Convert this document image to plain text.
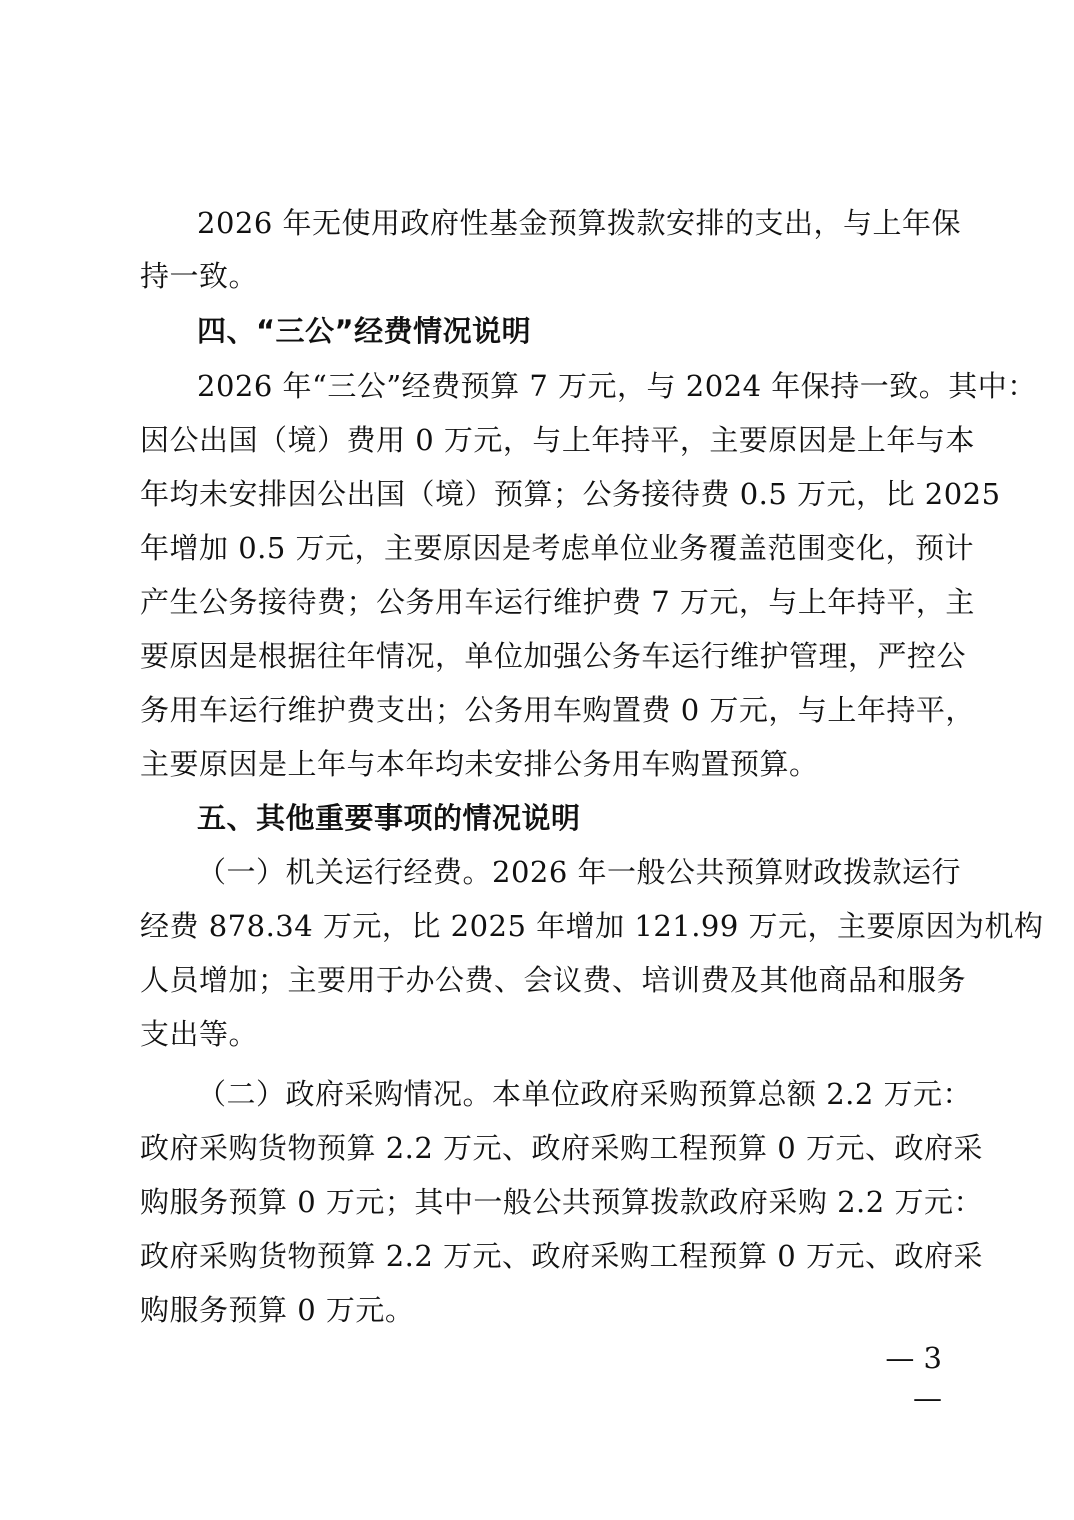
2026 年无使用政府性基金预算拨款安排的支出，与上年保
持一致。
四、“三公”经费情况说明
2026 年“三公”经费预算 7 万元，与 2024 年保持一致。其中：
因公出国（境）费用 0 万元，与上年持平，主要原因是上年与本
年均未安排因公出国（境）预算；公务接待费 0.5 万元，比 2025
年增加 0.5 万元，主要原因是考虑单位业务覆盖范围变化，预计
产生公务接待费；公务用车运行维护费 7 万元，与上年持平，主
要原因是根据往年情况，单位加强公务车运行维护管理，严控公
务用车运行维护费支出；公务用车购置费 0 万元，与上年持平，
主要原因是上年与本年均未安排公务用车购置预算。
五、其他重要事项的情况说明
（一）机关运行经费。2026 年一般公共预算财政拨款运行
经费 878.34 万元，比 2025 年增加 121.99 万元，主要原因为机构
人员增加；主要用于办公费、会议费、培训费及其他商品和服务
支出等。
（二）政府采购情况。本单位政府采购预算总额 2.2 万元：
政府采购货物预算 2.2 万元、政府采购工程预算 0 万元、政府采
购服务预算 0 万元；其中一般公共预算拨款政府采购 2.2 万元：
政府采购货物预算 2.2 万元、政府采购工程预算 0 万元、政府采
购服务预算 0 万元。
— 3 —
